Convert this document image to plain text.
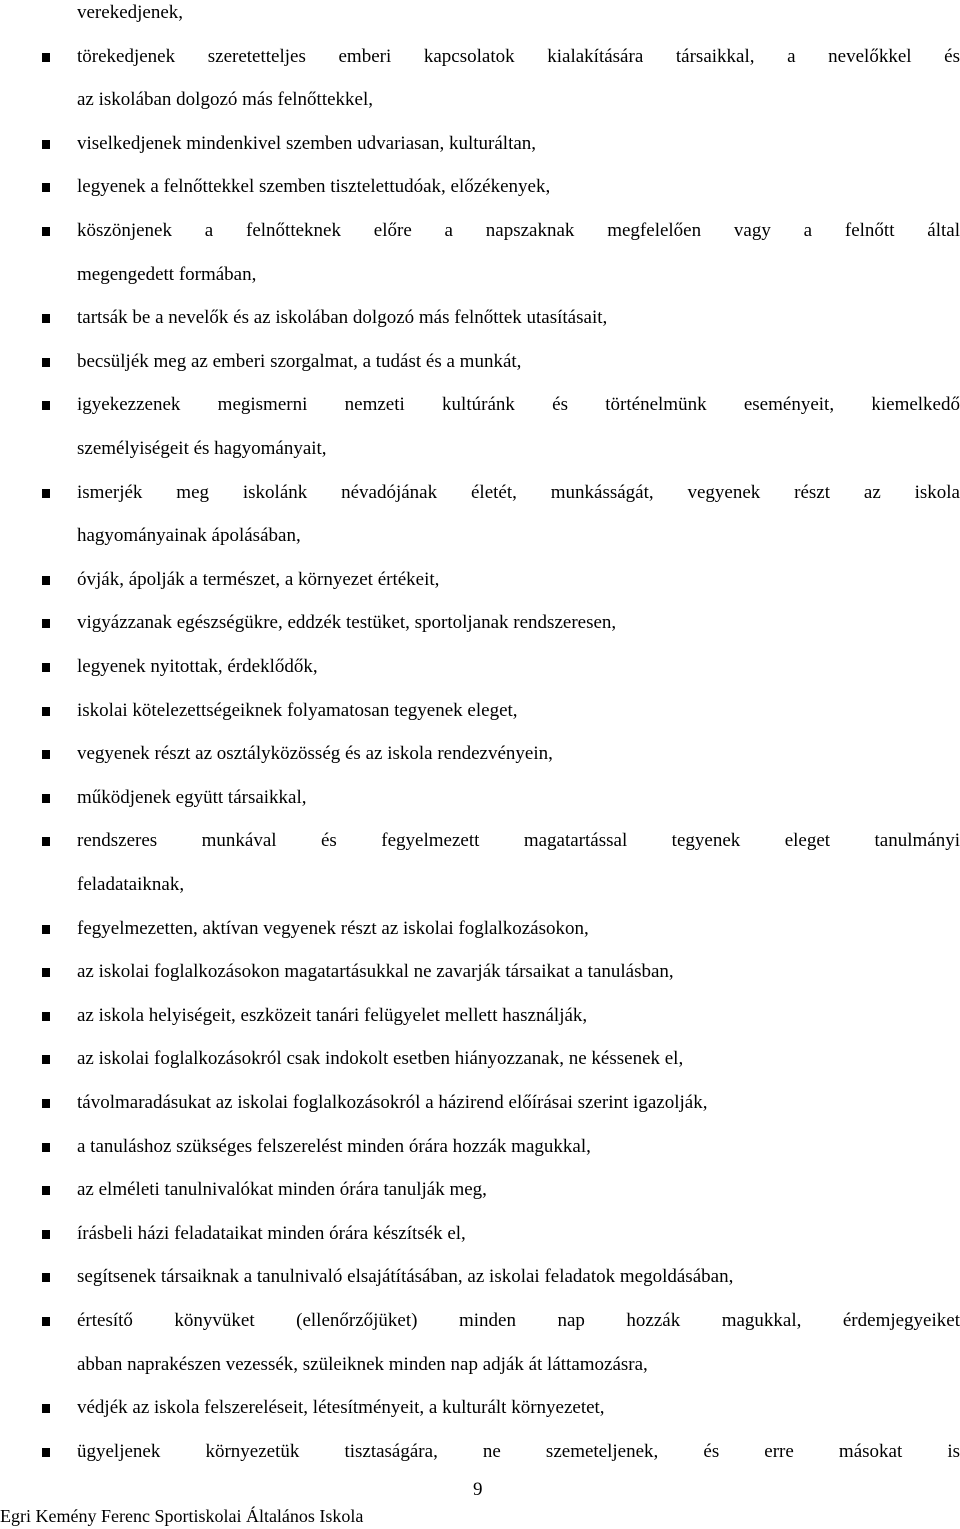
verekedjenek,
törekedjenek szeretetteljes emberi kapcsolatok kialakítására társaikkal, a nevelőkkel és
az iskolában dolgozó más felnőttekkel,
viselkedjenek mindenkivel szemben udvariasan, kulturáltan,
legyenek a felnőttekkel szemben tisztelettudóak, előzékenyek,
köszönjenek a felnőtteknek előre a napszaknak megfelelően vagy a felnőtt által
megengedett formában,
tartsák be a nevelők és az iskolában dolgozó más felnőttek utasításait,
becsüljék meg az emberi szorgalmat, a tudást és a munkát,
igyekezzenek megismerni nemzeti kultúránk és történelmünk eseményeit, kiemelkedő
személyiségeit és hagyományait,
ismerjék meg iskolánk névadójának életét, munkásságát, vegyenek részt az iskola
hagyományainak ápolásában,
óvják, ápolják a természet, a környezet értékeit,
vigyázzanak egészségükre, eddzék testüket, sportoljanak rendszeresen,
legyenek nyitottak, érdeklődők,
iskolai kötelezettségeiknek folyamatosan tegyenek eleget,
vegyenek részt az osztályközösség és az iskola rendezvényein,
működjenek együtt társaikkal,
rendszeres munkával és fegyelmezett magatartással tegyenek eleget tanulmányi
feladataiknak,
fegyelmezetten, aktívan vegyenek részt az iskolai foglalkozásokon,
az iskolai foglalkozásokon magatartásukkal ne zavarják társaikat a tanulásban,
az iskola helyiségeit, eszközeit tanári felügyelet mellett használják,
az iskolai foglalkozásokról csak indokolt esetben hiányozzanak, ne késsenek el,
távolmaradásukat az iskolai foglalkozásokról a házirend előírásai szerint igazolják,
a tanuláshoz szükséges felszerelést minden órára hozzák magukkal,
az elméleti tanulnivalókat minden órára tanulják meg,
írásbeli házi feladataikat minden órára készítsék el,
segítsenek társaiknak a tanulnivaló elsajátításában, az iskolai feladatok megoldásában,
értesítő könyvüket (ellenőrzőjüket) minden nap hozzák magukkal, érdemjegyeiket
abban naprakészen vezessék, szüleiknek minden nap adják át láttamozásra,
védjék az iskola felszereléseit, létesítményeit, a kulturált környezetet,
ügyeljenek környezetük tisztaságára, ne szemeteljenek, és erre másokat is
9
Egri Kemény Ferenc Sportiskolai Általános Iskola
